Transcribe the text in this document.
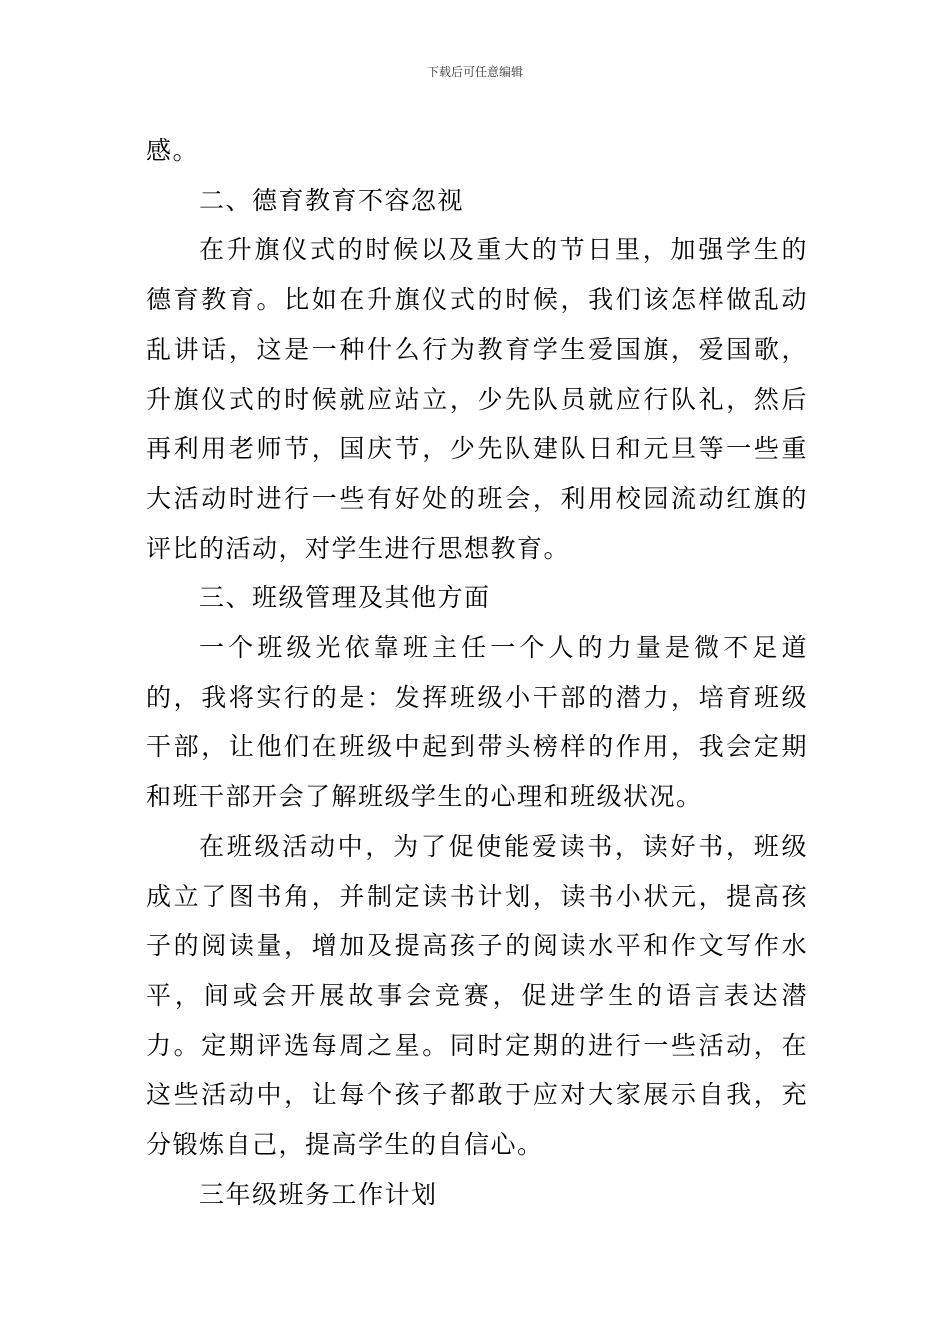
下载后可任意编辑

感。

二、德育教育不容忽视

在升旗仪式的时候以及重大的节日里，加强学生的德育教育。比如在升旗仪式的时候，我们该怎样做乱动乱讲话，这是一种什么行为教育学生爱国旗，爱国歌，升旗仪式的时候就应站立，少先队员就应行队礼，然后再利用老师节，国庆节，少先队建队日和元旦等一些重大活动时进行一些有好处的班会，利用校园流动红旗的评比的活动，对学生进行思想教育。

三、班级管理及其他方面

一个班级光依靠班主任一个人的力量是微不足道的，我将实行的是：发挥班级小干部的潜力，培育班级干部，让他们在班级中起到带头榜样的作用，我会定期和班干部开会了解班级学生的心理和班级状况。

在班级活动中，为了促使能爱读书，读好书，班级成立了图书角，并制定读书计划，读书小状元，提高孩子的阅读量，增加及提高孩子的阅读水平和作文写作水平，间或会开展故事会竞赛，促进学生的语言表达潜力。定期评选每周之星。同时定期的进行一些活动，在这些活动中，让每个孩子都敢于应对大家展示自我，充分锻炼自己，提高学生的自信心。

三年级班务工作计划
